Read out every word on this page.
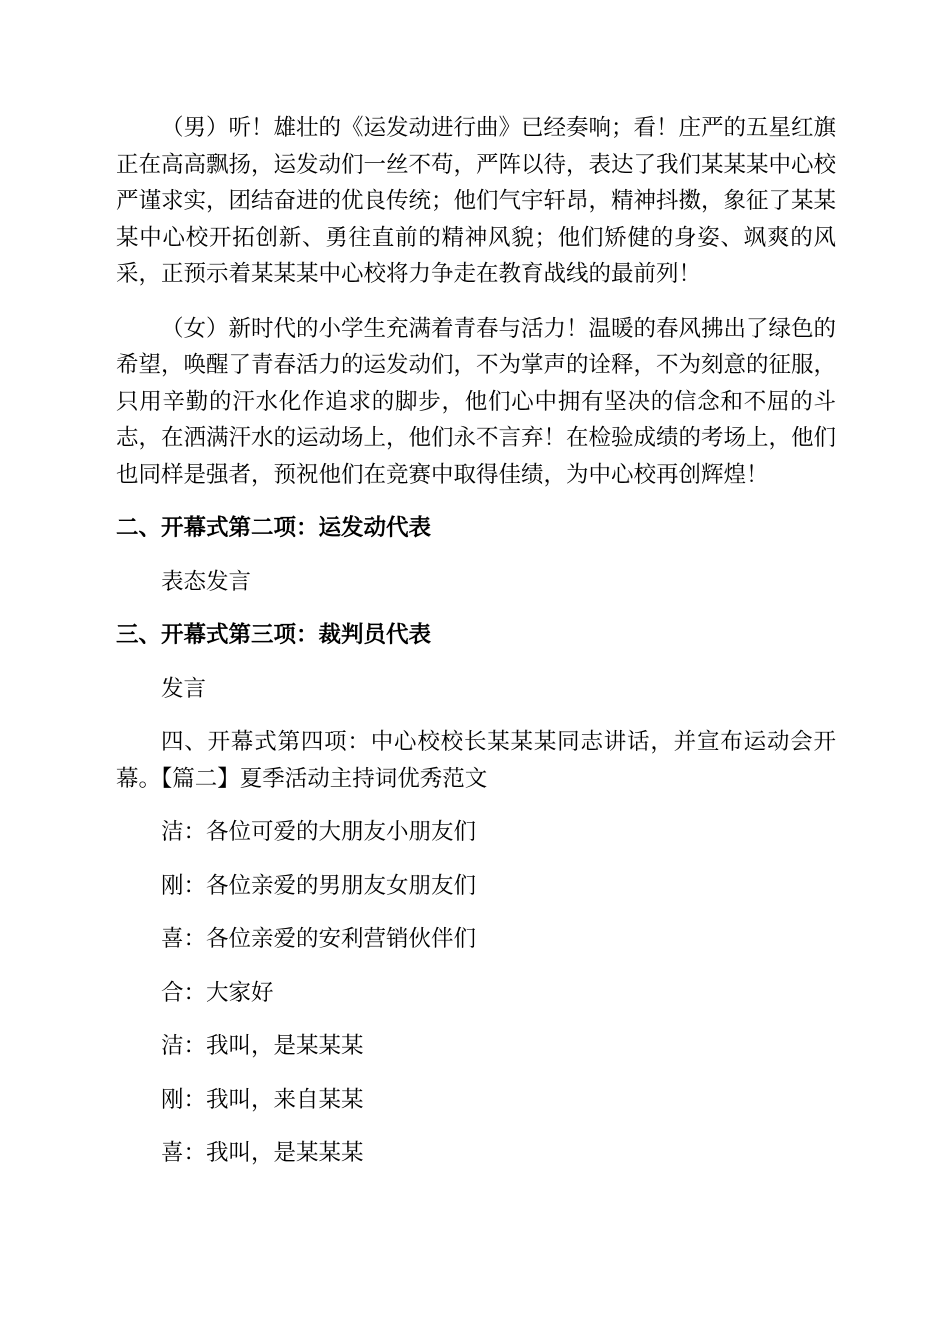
（男）听！雄壮的《运发动进行曲》已经奏响；看！庄严的五星红旗正在高高飘扬，运发动们一丝不苟，严阵以待，表达了我们某某某中心校严谨求实，团结奋进的优良传统；他们气宇轩昂，精神抖擞，象征了某某某中心校开拓创新、勇往直前的精神风貌；他们矫健的身姿、飒爽的风采，正预示着某某某中心校将力争走在教育战线的最前列！

（女）新时代的小学生充满着青春与活力！温暖的春风拂出了绿色的希望，唤醒了青春活力的运发动们，不为掌声的诠释，不为刻意的征服，只用辛勤的汗水化作追求的脚步，他们心中拥有坚决的信念和不屈的斗志，在洒满汗水的运动场上，他们永不言弃！在检验成绩的考场上，他们也同样是强者，预祝他们在竞赛中取得佳绩，为中心校再创辉煌！

二、开幕式第二项：运发动代表

表态发言

三、开幕式第三项：裁判员代表

发言

四、开幕式第四项：中心校校长某某某同志讲话，并宣布运动会开幕。【篇二】夏季活动主持词优秀范文

洁：各位可爱的大朋友小朋友们

刚：各位亲爱的男朋友女朋友们

喜：各位亲爱的安利营销伙伴们

合：大家好

洁：我叫，是某某某

刚：我叫，来自某某

喜：我叫，是某某某
